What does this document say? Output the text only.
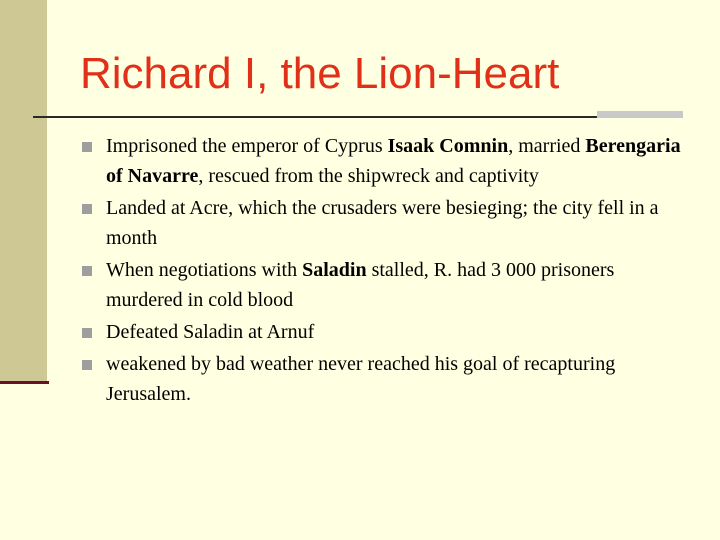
Richard I, the Lion-Heart
Imprisoned the emperor of Cyprus Isaak Comnin, married Berengaria of Navarre, rescued from the shipwreck and captivity
Landed at Acre, which the crusaders were besieging; the city fell in a month
When negotiations with Saladin stalled, R. had 3 000 prisoners murdered in cold blood
Defeated Saladin at Arnuf
weakened by bad weather never reached his goal of recapturing Jerusalem.
